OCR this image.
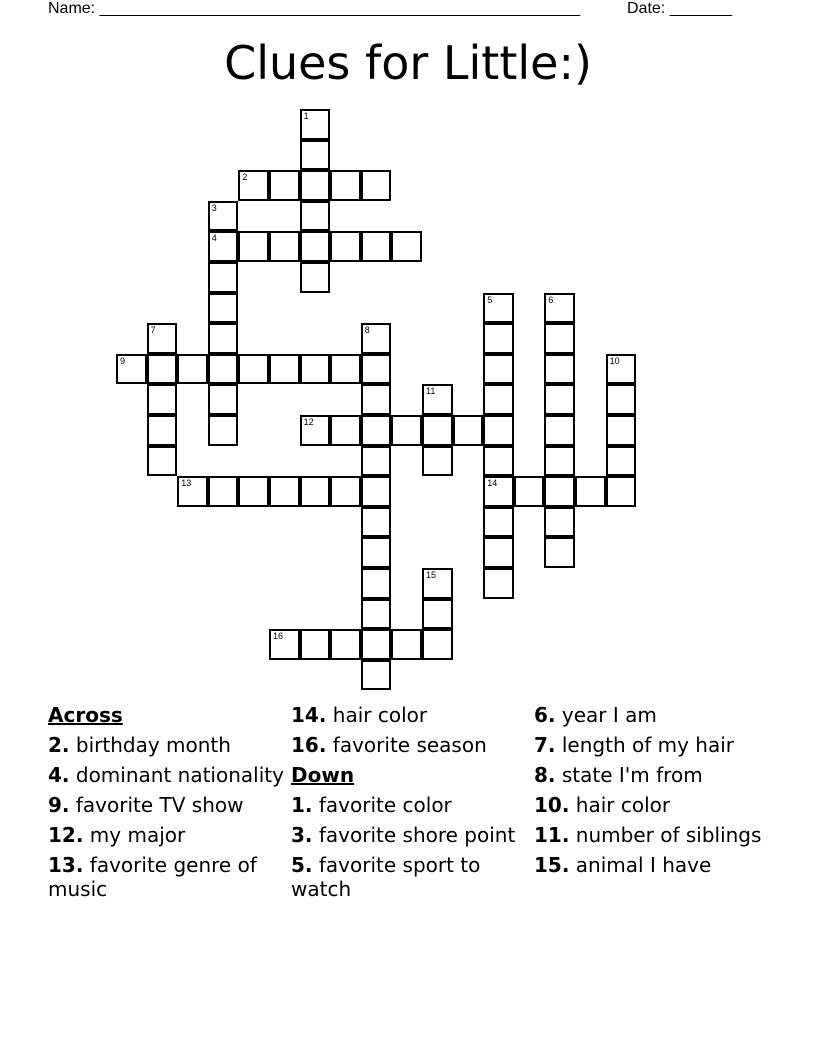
Name: ______________________________________________________	Date: _______
Clues for Little:)
1
2
3
4
5
14
6
7	8
9	10
11
12
13
15
16
Across
2. birthday month
4. dominant nationality
9. favorite TV show
12. my major
13. favorite genre of music
14. hair color
16. favorite season
Down
1. favorite color
3. favorite shore point
5. favorite sport to watch
6. year I am
7. length of my hair
8. state I'm from
10. hair color
11. number of siblings
15. animal I have
